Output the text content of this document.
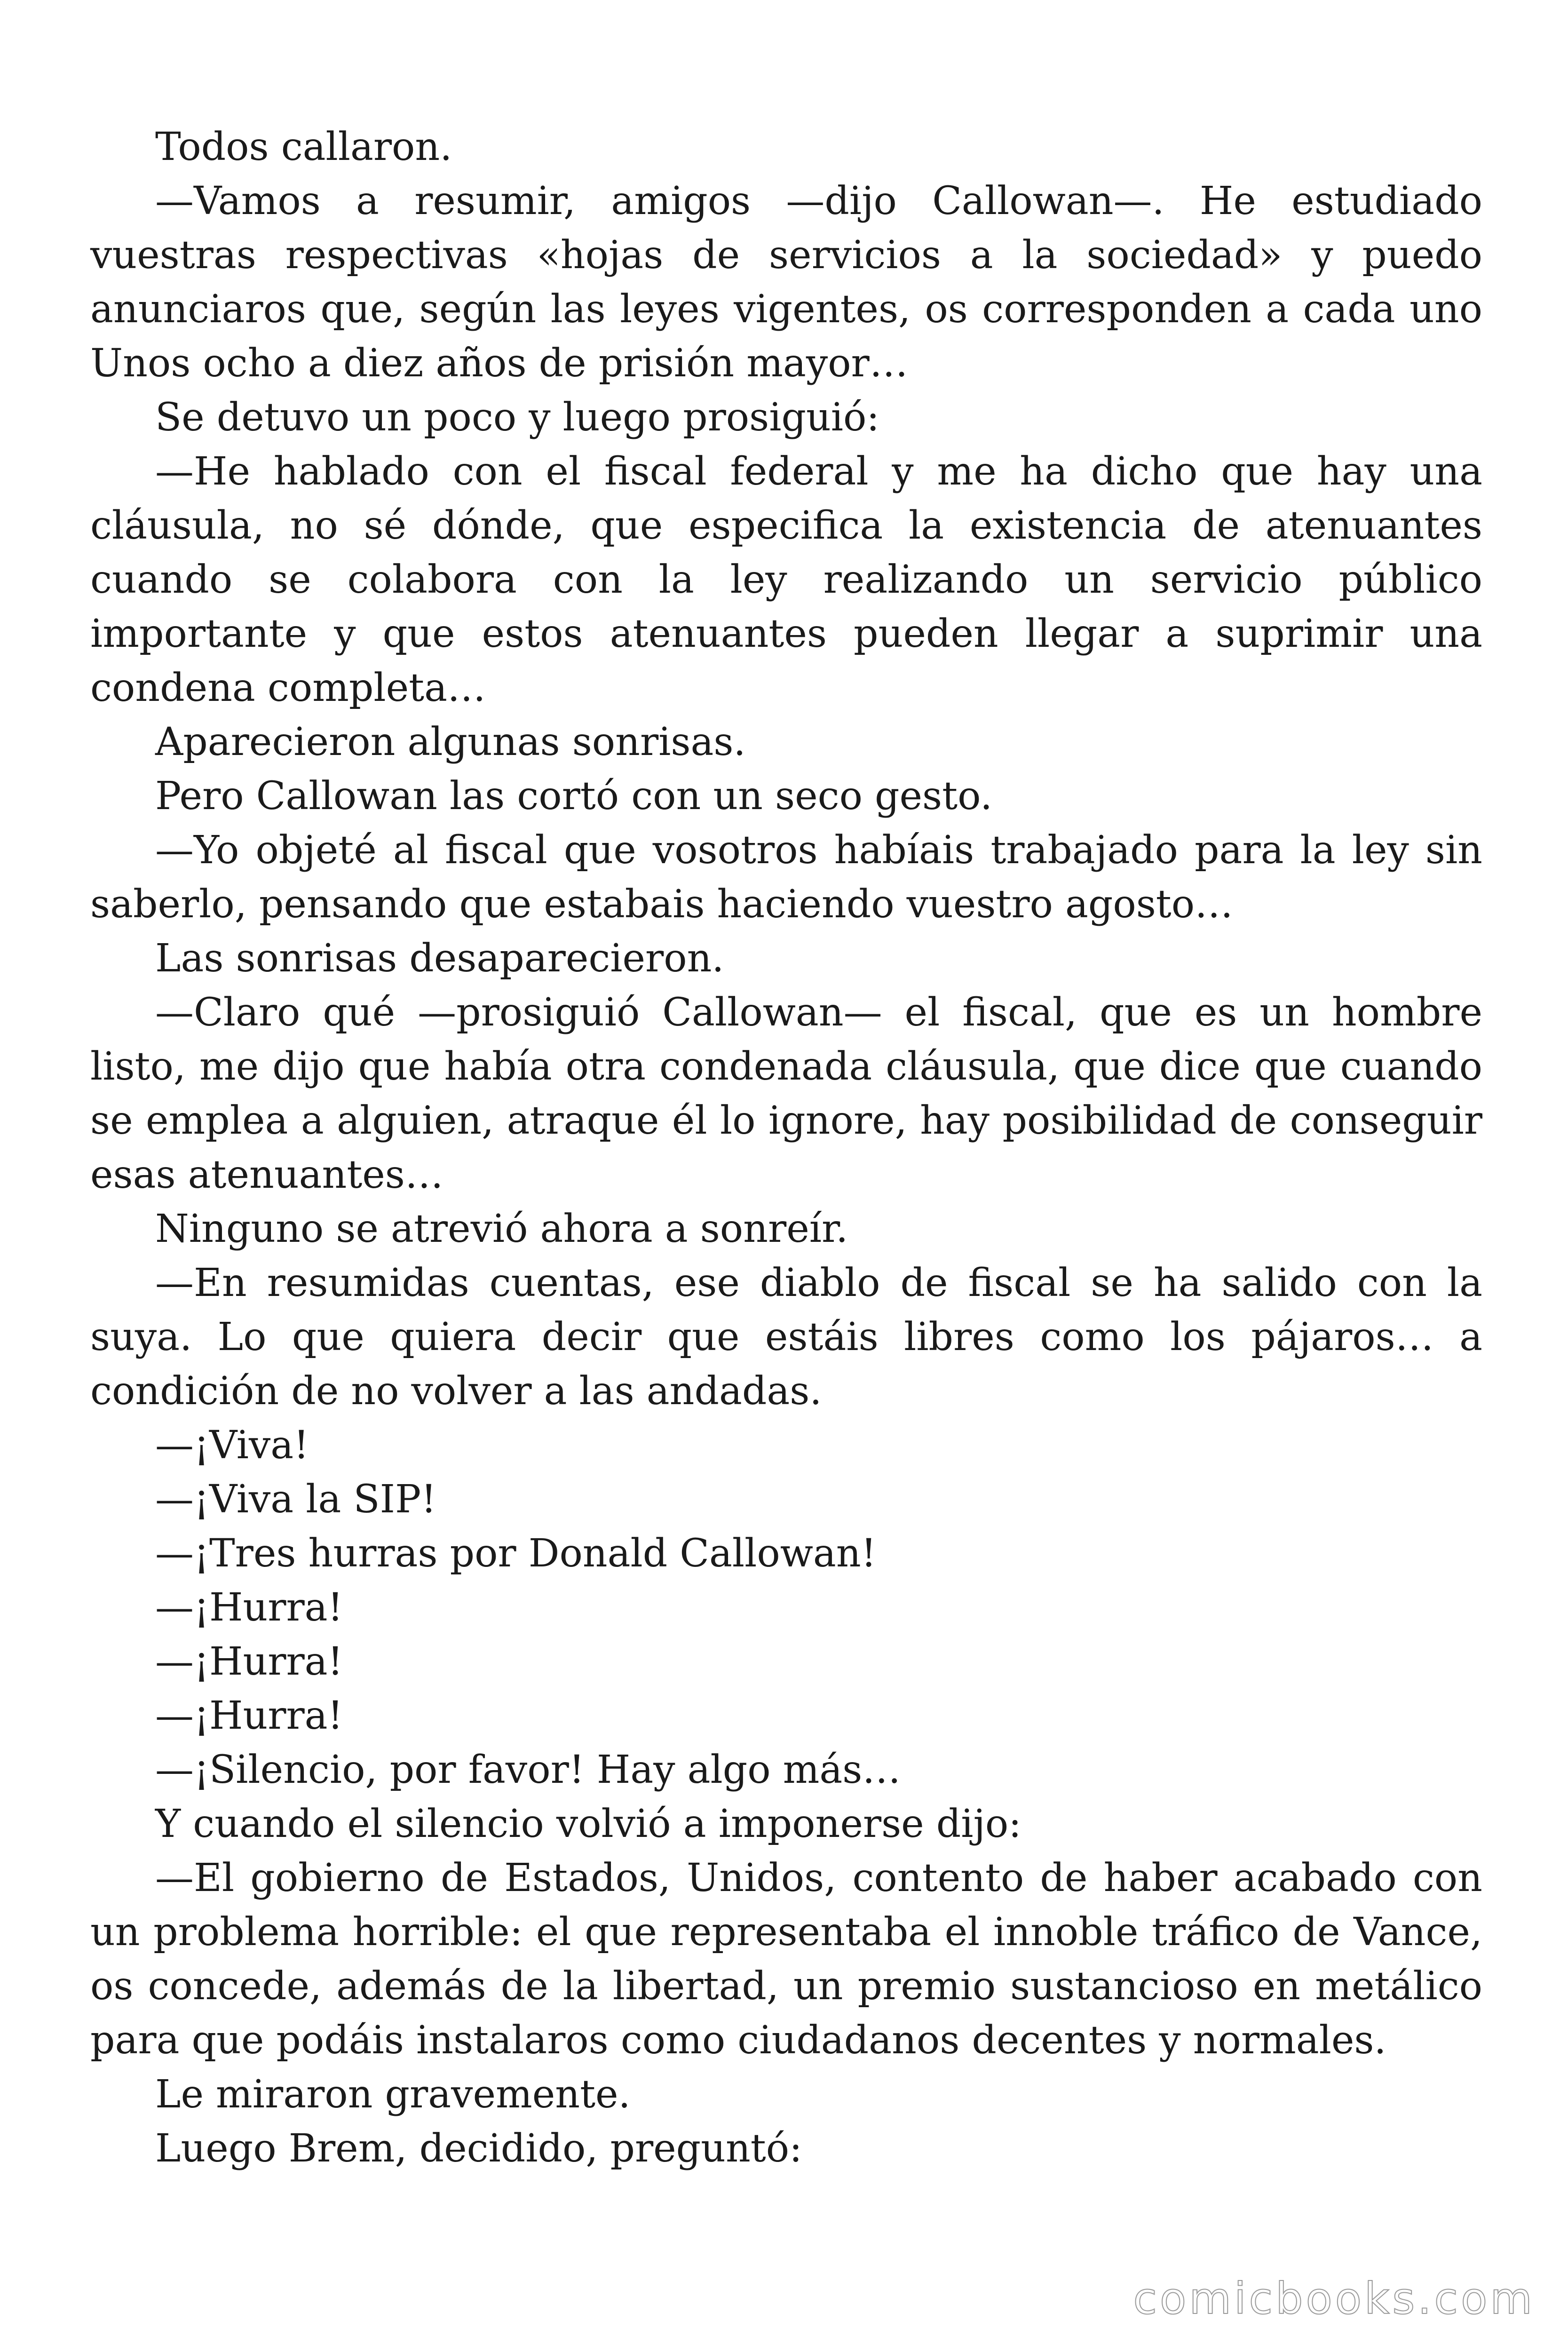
Todos callaron.

—Vamos a resumir, amigos —dijo Callowan—. He estudiado vuestras respectivas «hojas de servicios a la sociedad» y puedo anunciaros que, según las leyes vigentes, os corresponden a cada uno Unos ocho a diez años de prisión mayor…

Se detuvo un poco y luego prosiguió:

—He hablado con el fiscal federal y me ha dicho que hay una cláusula, no sé dónde, que especifica la existencia de atenuantes cuando se colabora con la ley realizando un servicio público importante y que estos atenuantes pueden llegar a suprimir una condena completa…

Aparecieron algunas sonrisas.

Pero Callowan las cortó con un seco gesto.

—Yo objeté al fiscal que vosotros habíais trabajado para la ley sin saberlo, pensando que estabais haciendo vuestro agosto…

Las sonrisas desaparecieron.

—Claro qué —prosiguió Callowan— el fiscal, que es un hombre listo, me dijo que había otra condenada cláusula, que dice que cuando se emplea a alguien, atraque él lo ignore, hay posibilidad de conseguir esas atenuantes…

Ninguno se atrevió ahora a sonreír.

—En resumidas cuentas, ese diablo de fiscal se ha salido con la suya. Lo que quiera decir que estáis libres como los pájaros… a condición de no volver a las andadas.

—¡Viva!

—¡Viva la SIP!

—¡Tres hurras por Donald Callowan!

—¡Hurra!

—¡Hurra!

—¡Hurra!

—¡Silencio, por favor! Hay algo más…

Y cuando el silencio volvió a imponerse dijo:

—El gobierno de Estados, Unidos, contento de haber acabado con un problema horrible: el que representaba el innoble tráfico de Vance, os concede, además de la libertad, un premio sustancioso en metálico para que podáis instalaros como ciudadanos decentes y normales.

Le miraron gravemente.

Luego Brem, decidido, preguntó:

comicbooks.com
